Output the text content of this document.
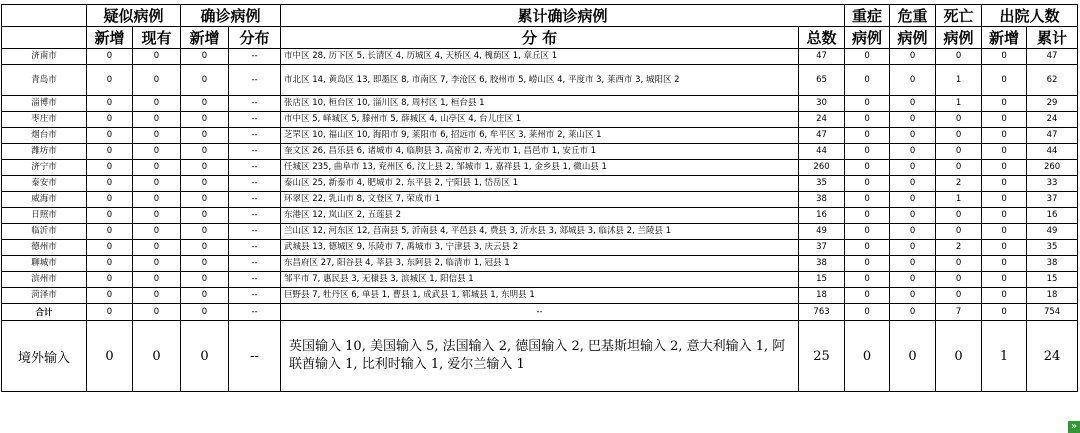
	疑似病例		确诊病例		累计确诊病例		重症	危重	死亡	出院人数	
	新增	现有	新增	分布	分 布	总数	病例	病例	病例	新增	累计
济南市	0	0	0	--	市中区 28, 历下区 5, 长清区 4, 历城区 4, 天桥区 4, 槐荫区 1, 章丘区 1	47	0	0	0	0	47
青岛市	0	0	0	--	市北区 14, 黄岛区 13, 即墨区 8, 市南区 7, 李沧区 6, 胶州市 5, 崂山区 4, 平度市 3, 莱西市 3, 城阳区 2	65	0	0	1	0	62
淄博市	0	0	0	--	张店区 10, 桓台区 10, 淄川区 8, 周村区 1, 桓台县 1	30	0	0	1	0	29
枣庄市	0	0	0	--	市中区 5, 峄城区 5, 滕州市 5, 薛城区 4, 山亭区 4, 台儿庄区 1	24	0	0	0	0	24
烟台市	0	0	0	--	芝罘区 10, 福山区 10, 海阳市 9, 莱阳市 6, 招远市 6, 牟平区 3, 莱州市 2, 莱山区 1	47	0	0	0	0	47
潍坊市	0	0	0	--	奎文区 26, 昌乐县 6, 诸城市 4, 临朐县 3, 高密市 2, 寿光市 1, 昌邑市 1, 安丘市 1	44	0	0	0	0	44
济宁市	0	0	0	--	任城区 235, 曲阜市 13, 兖州区 6, 汶上县 2, 邹城市 1, 嘉祥县 1, 金乡县 1, 微山县 1	260	0	0	0	0	260
泰安市	0	0	0	--	泰山区 25, 新泰市 4, 肥城市 2, 东平县 2, 宁阳县 1, 岱岳区 1	35	0	0	2	0	33
威海市	0	0	0	--	环翠区 22, 乳山市 8, 文登区 7, 荣成市 1	38	0	0	1	0	37
日照市	0	0	0	--	东港区 12, 岚山区 2, 五莲县 2	16	0	0	0	0	16
临沂市	0	0	0	--	兰山区 12, 河东区 12, 莒南县 5, 沂南县 4, 平邑县 4, 费县 3, 沂水县 3, 郯城县 3, 临沭县 2, 兰陵县 1	49	0	0	0	0	49
德州市	0	0	0	--	武城县 13, 德城区 9, 乐陵市 7, 禹城市 3, 宁津县 3, 庆云县 2	37	0	0	2	0	35
聊城市	0	0	0	--	东昌府区 27, 阳谷县 4, 莘县 3, 东阿县 2, 临清市 1, 冠县 1	38	0	0	0	0	38
滨州市	0	0	0	--	邹平市 7, 惠民县 3, 无棣县 3, 滨城区 1, 阳信县 1	15	0	0	0	0	15
菏泽市	0	0	0	--	巨野县 7, 牡丹区 6, 单县 1, 曹县 1, 成武县 1, 郓城县 1, 东明县 1	18	0	0	0	0	18
合计	0	0	0	--	--	763	0	0	7	0	754
境外输入	0	0	0	--	英国输入 10, 美国输入 5, 法国输入 2, 德国输入 2, 巴基斯坦输入 2, 意大利输入 1, 阿联酋输入 1, 比利时输入 1, 爱尔兰输入 1	25	0	0	0	1	24
»
